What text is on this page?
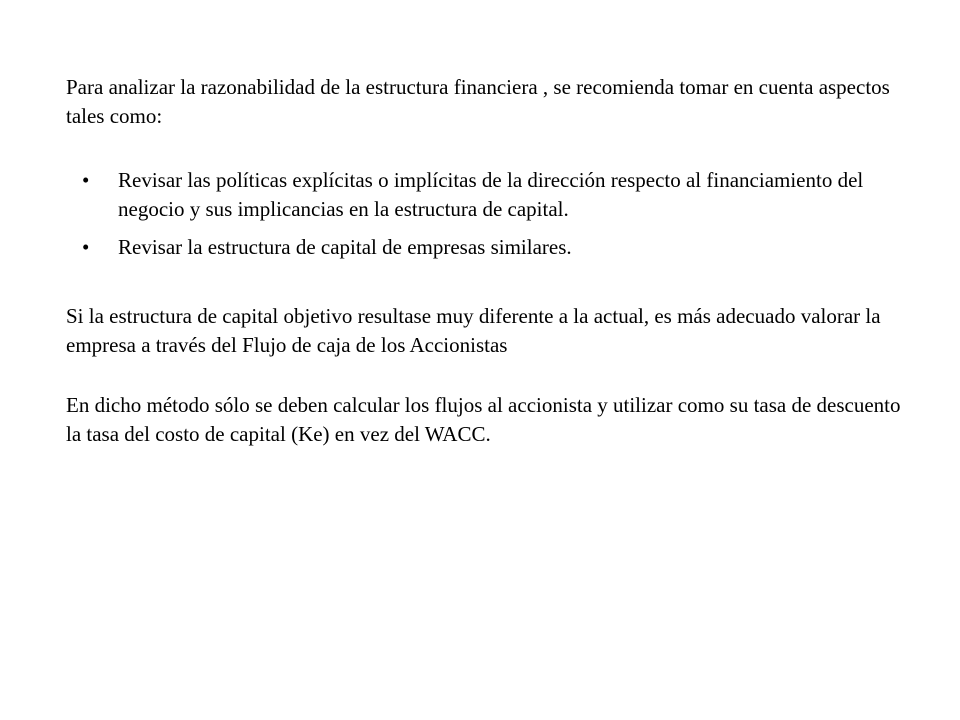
Para analizar la razonabilidad de la estructura financiera , se recomienda tomar en cuenta aspectos tales como:

• Revisar las políticas explícitas o implícitas de la dirección respecto al financiamiento del negocio y sus implicancias en la estructura de capital.
• Revisar la estructura de capital de empresas similares.

Si la estructura de capital objetivo resultase muy diferente a la actual, es más adecuado valorar la empresa a través del Flujo de caja de los Accionistas

En dicho método sólo se deben calcular los flujos al accionista y utilizar como su tasa de descuento la tasa del costo de capital (Ke) en vez del WACC.
